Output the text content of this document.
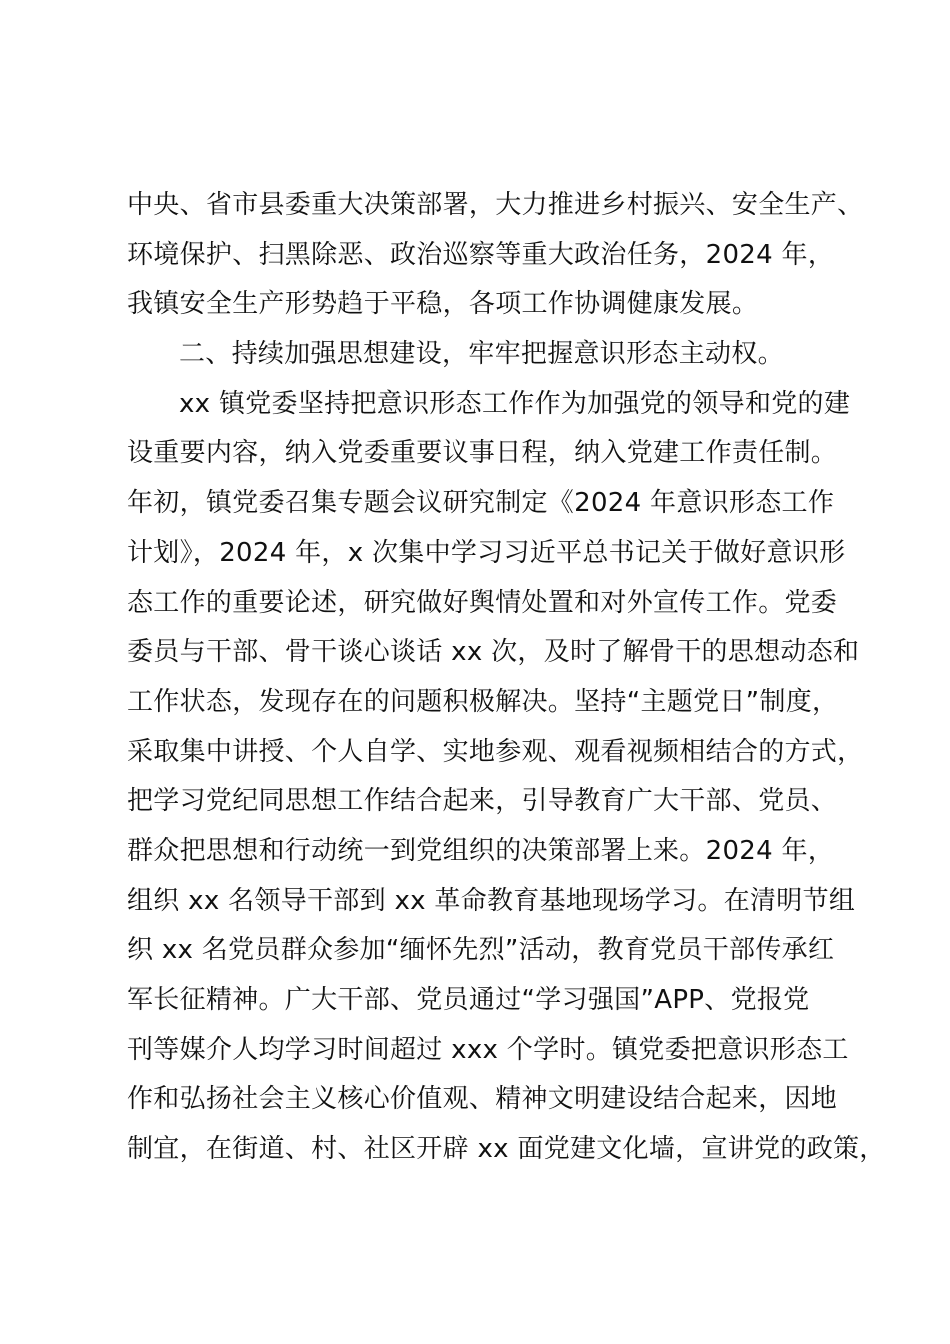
中央、省市县委重大决策部署，大力推进乡村振兴、安全生产、
环境保护、扫黑除恶、政治巡察等重大政治任务，2024 年，
我镇安全生产形势趋于平稳，各项工作协调健康发展。
二、持续加强思想建设，牢牢把握意识形态主动权。
xx 镇党委坚持把意识形态工作作为加强党的领导和党的建
设重要内容，纳入党委重要议事日程，纳入党建工作责任制。
年初，镇党委召集专题会议研究制定《2024 年意识形态工作
计划》，2024 年，x 次集中学习习近平总书记关于做好意识形
态工作的重要论述，研究做好舆情处置和对外宣传工作。党委
委员与干部、骨干谈心谈话 xx 次，及时了解骨干的思想动态和
工作状态，发现存在的问题积极解决。坚持“主题党日”制度，
采取集中讲授、个人自学、实地参观、观看视频相结合的方式，
把学习党纪同思想工作结合起来，引导教育广大干部、党员、
群众把思想和行动统一到党组织的决策部署上来。2024 年，
组织 xx 名领导干部到 xx 革命教育基地现场学习。在清明节组
织 xx 名党员群众参加“缅怀先烈”活动，教育党员干部传承红
军长征精神。广大干部、党员通过“学习强国”APP、党报党
刊等媒介人均学习时间超过 xxx 个学时。镇党委把意识形态工
作和弘扬社会主义核心价值观、精神文明建设结合起来，因地
制宜，在街道、村、社区开辟 xx 面党建文化墙，宣讲党的政策，
